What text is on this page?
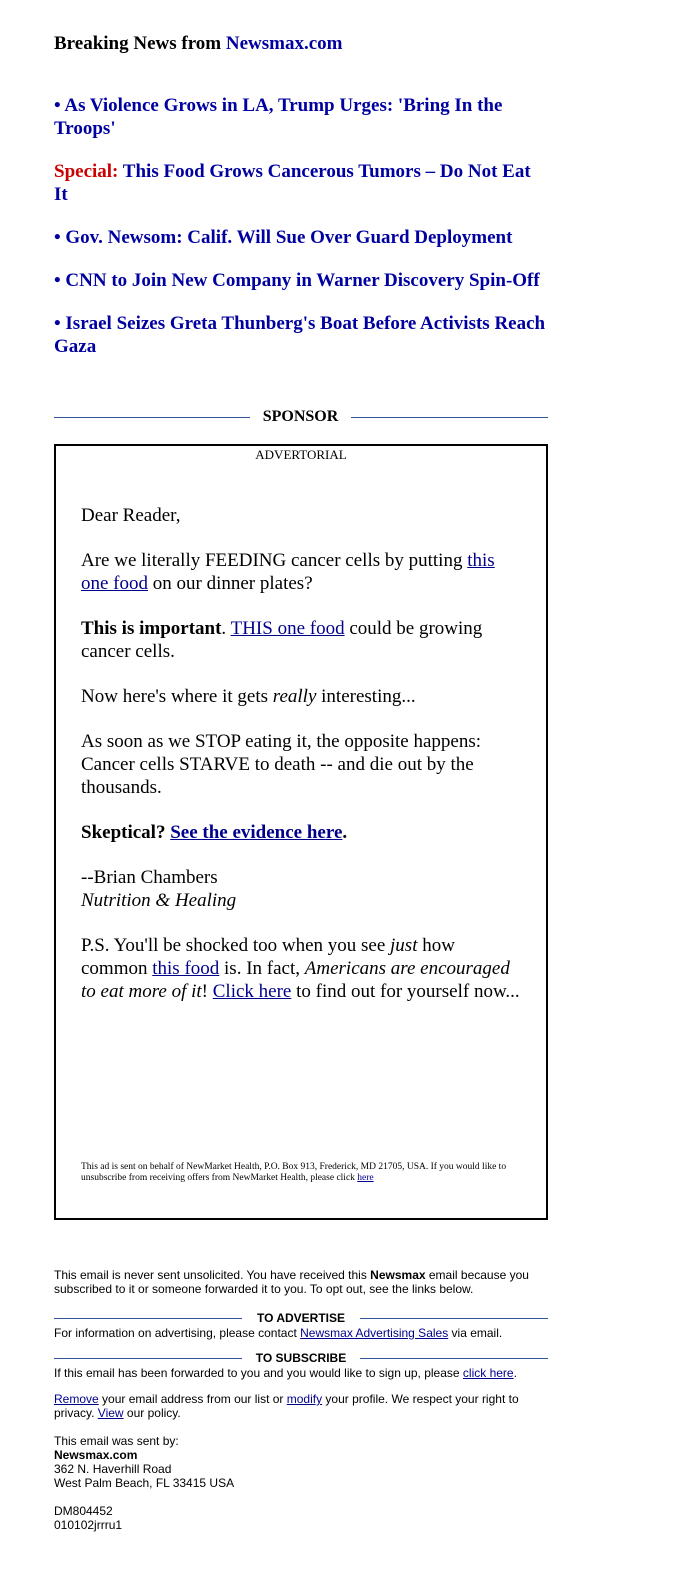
Breaking News from Newsmax.com
• As Violence Grows in LA, Trump Urges: 'Bring In the Troops'
Special: This Food Grows Cancerous Tumors – Do Not Eat It
• Gov. Newsom: Calif. Will Sue Over Guard Deployment
• CNN to Join New Company in Warner Discovery Spin-Off
• Israel Seizes Greta Thunberg's Boat Before Activists Reach Gaza
SPONSOR
ADVERTORIAL

Dear Reader,

Are we literally FEEDING cancer cells by putting this one food on our dinner plates?

This is important. THIS one food could be growing cancer cells.

Now here's where it gets really interesting...

As soon as we STOP eating it, the opposite happens: Cancer cells STARVE to death -- and die out by the thousands.

Skeptical? See the evidence here.

--Brian Chambers
Nutrition & Healing

P.S. You'll be shocked too when you see just how common this food is. In fact, Americans are encouraged to eat more of it! Click here to find out for yourself now...

This ad is sent on behalf of NewMarket Health, P.O. Box 913, Frederick, MD 21705, USA. If you would like to unsubscribe from receiving offers from NewMarket Health, please click here

This email is never sent unsolicited. You have received this Newsmax email because you subscribed to it or someone forwarded it to you. To opt out, see the links below.

TO ADVERTISE

For information on advertising, please contact Newsmax Advertising Sales via email.

TO SUBSCRIBE

If this email has been forwarded to you and you would like to sign up, please click here.

Remove your email address from our list or modify your profile. We respect your right to privacy. View our policy.

This email was sent by:
Newsmax.com
362 N. Haverhill Road
West Palm Beach, FL 33415 USA

DM804452
010102jrrru1
